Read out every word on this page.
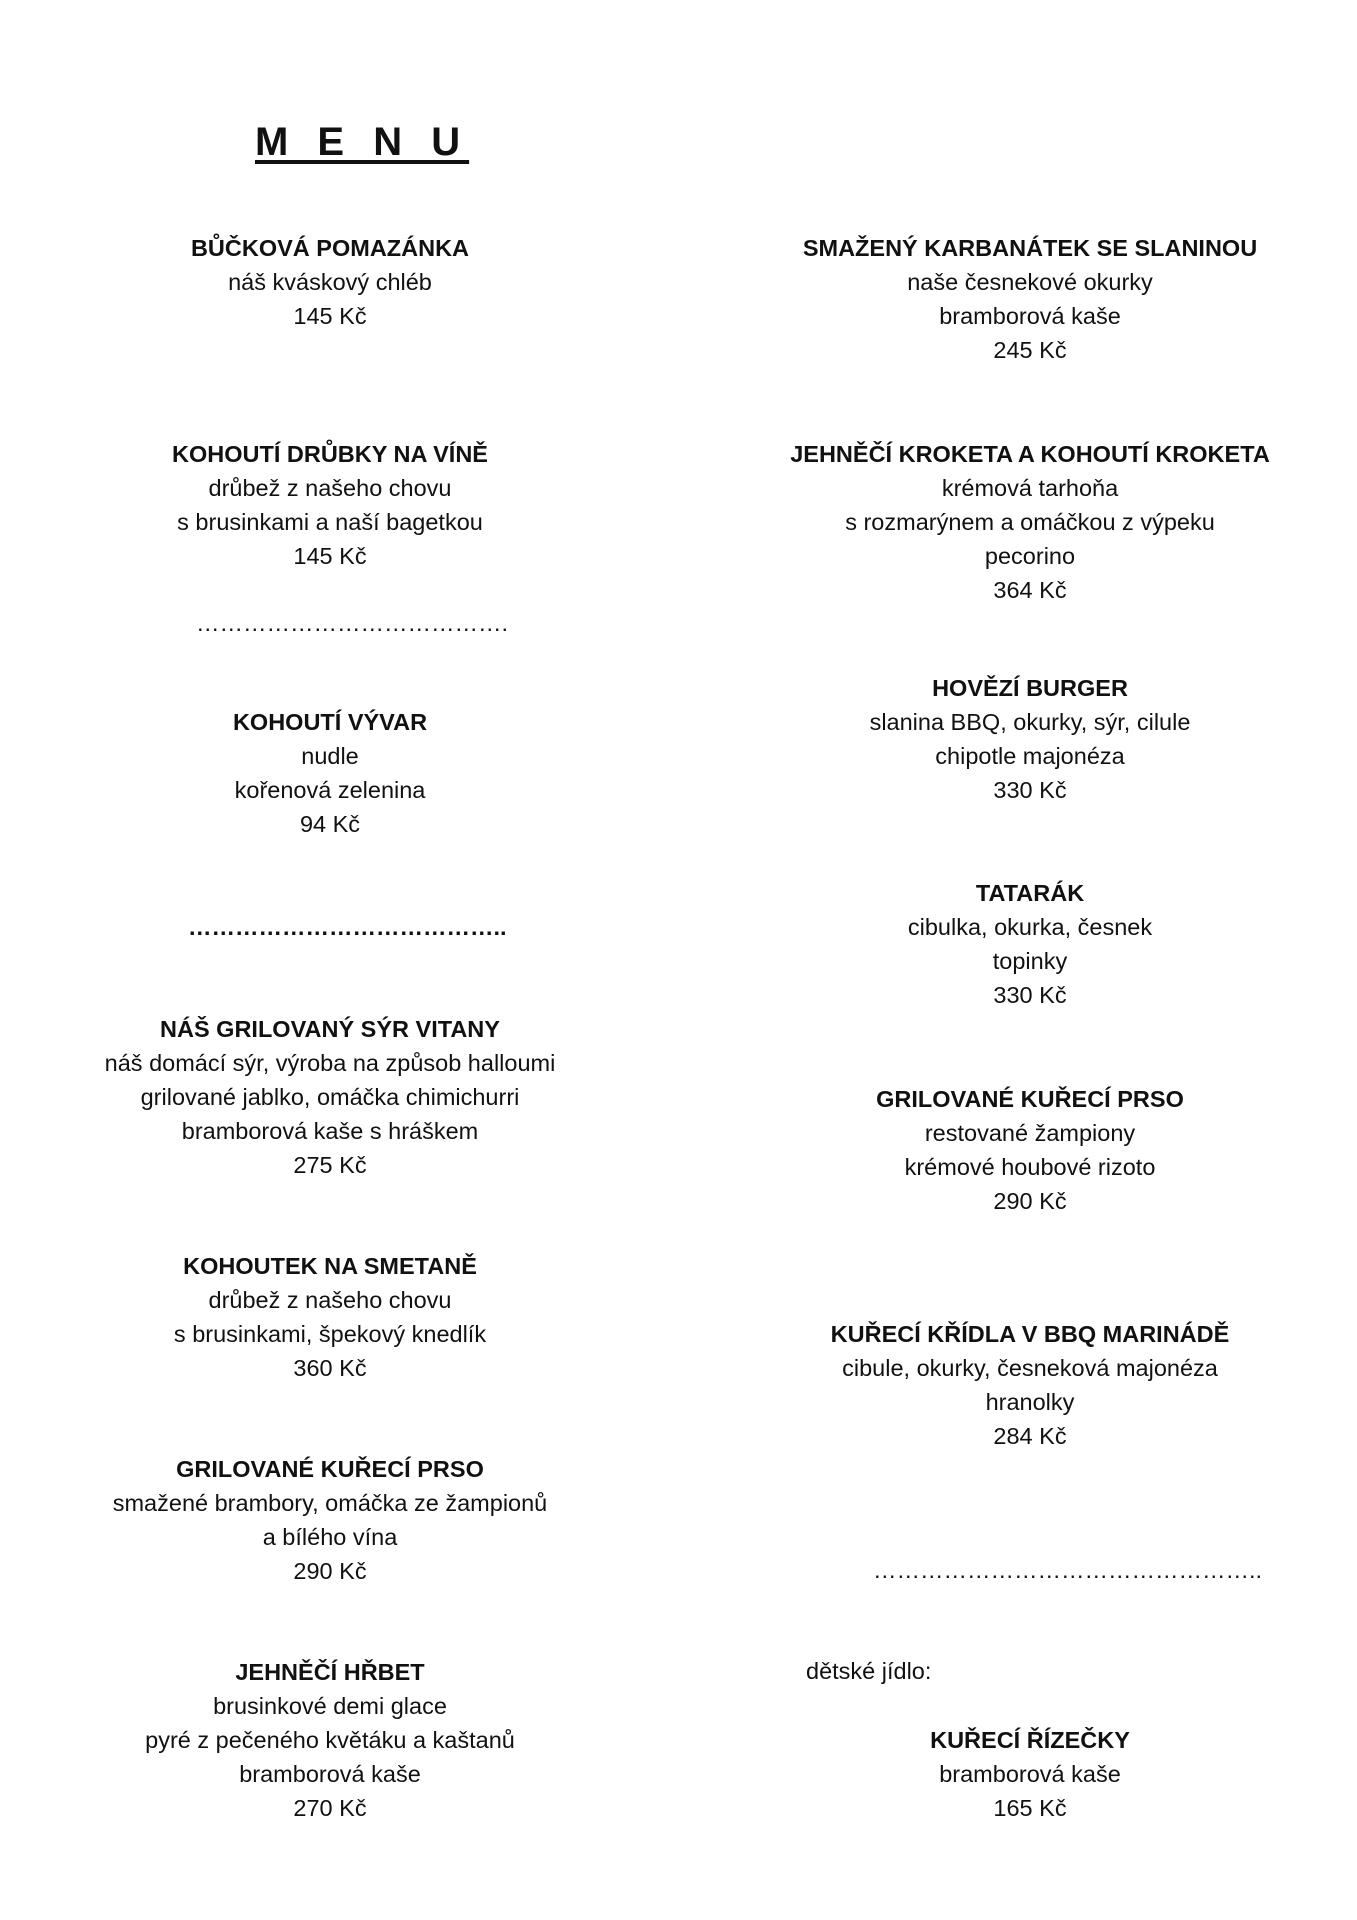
M E N U
BŮČKOVÁ POMAZÁNKA
náš kváskový chléb
145 Kč
KOHOUTÍ DRŮBKY NA VÍNĚ
drůbež z našeho chovu
s brusinkami a naší bagetkou
145 Kč
………………………………….
KOHOUTÍ VÝVAR
nudle
kořenová zelenina
94 Kč
…………………………………..
NÁŠ GRILOVANÝ SÝR VITANY
náš domácí sýr, výroba na způsob halloumi
grilované jablko, omáčka chimichurri
bramborová kaše s hráškem
275 Kč
KOHOUTEK NA SMETANĚ
drůbež z našeho chovu
s brusinkami, špekový knedlík
360 Kč
GRILOVANÉ KUŘECÍ PRSO
smažené brambory, omáčka ze žampionů
a bílého vína
290 Kč
JEHNĚČÍ HŘBET
brusinkové demi glace
pyré z pečeného květáku a kaštanů
bramborová kaše
270 Kč
SMAŽENÝ KARBANÁTEK SE SLANINOU
naše česnekové okurky
bramborová kaše
245 Kč
JEHNĚČÍ KROKETA A KOHOUTÍ KROKETA
krémová tarhoňa
s rozmarýnem a omáčkou z výpeku
pecorino
364 Kč
HOVĚZÍ BURGER
slanina BBQ, okurky, sýr, cilule
chipotle majonéza
330 Kč
TATARÁK
cibulka, okurka, česnek
topinky
330 Kč
GRILOVANÉ KUŘECÍ PRSO
restované žampiony
krémové houbové rizoto
290 Kč
KUŘECÍ KŘÍDLA V BBQ MARINÁDĚ
cibule, okurky, česneková majonéza
hranolky
284 Kč
…………………………………………..
dětské jídlo:
KUŘECÍ ŘÍZEČKY
bramborová kaše
165 Kč
